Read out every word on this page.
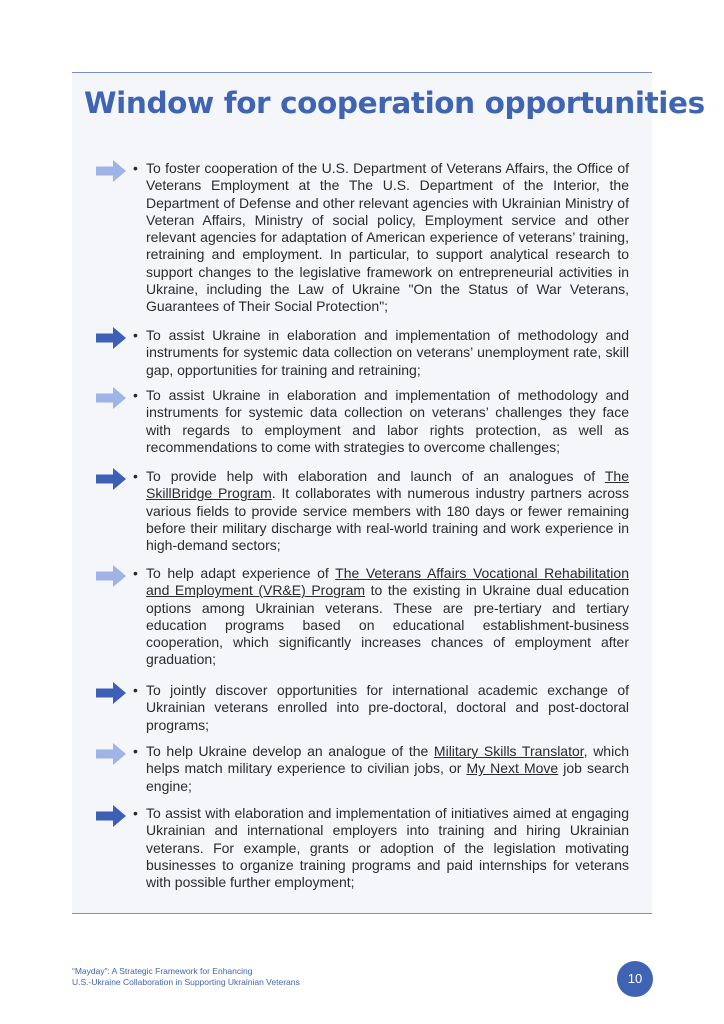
Window for cooperation opportunities
• To foster cooperation of the U.S. Department of Veterans Affairs, the Office of Veterans Employment at the The U.S. Department of the Interior, the Department of Defense and other relevant agencies with Ukrainian Ministry of Veteran Affairs, Ministry of social policy, Employment service and other relevant agencies for adaptation of American experience of veterans’ training, retraining and employment. In particular, to support analytical research to support changes to the legislative framework on entrepreneurial activities in Ukraine, including the Law of Ukraine "On the Status of War Veterans, Guarantees of Their Social Protection";

• To assist Ukraine in elaboration and implementation of methodology and instruments for systemic data collection on veterans’ unemployment rate, skill gap, opportunities for training and retraining;

• To assist Ukraine in elaboration and implementation of methodology and instruments for systemic data collection on veterans’ challenges they face with regards to employment and labor rights protection, as well as recommendations to come with strategies to overcome challenges;

• To provide help with elaboration and launch of an analogues of The SkillBridge Program. It collaborates with numerous industry partners across various fields to provide service members with 180 days or fewer remaining before their military discharge with real-world training and work experience in high-demand sectors;

• To help adapt experience of The Veterans Affairs Vocational Rehabilitation and Employment (VR&E) Program to the existing in Ukraine dual education options among Ukrainian veterans. These are pre-tertiary and tertiary education programs based on educational establishment-business cooperation, which significantly increases chances of employment after graduation;

• To jointly discover opportunities for international academic exchange of Ukrainian veterans enrolled into pre-doctoral, doctoral and post-doctoral programs;

• To help Ukraine develop an analogue of the Military Skills Translator, which helps match military experience to civilian jobs, or My Next Move job search engine;

• To assist with elaboration and implementation of initiatives aimed at engaging Ukrainian and international employers into training and hiring Ukrainian veterans. For example, grants or adoption of the legislation motivating businesses to organize training programs and paid internships for veterans with possible further employment;

“Mayday”: A Strategic Framework for Enhancing
U.S.-Ukraine Collaboration in Supporting Ukrainian Veterans	10
